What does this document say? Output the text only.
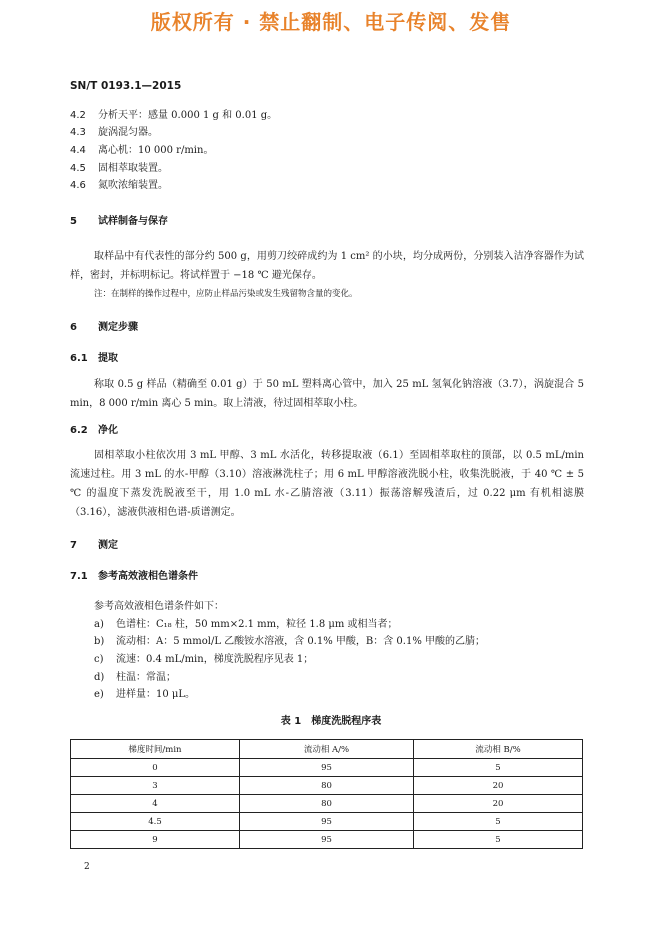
版权所有 · 禁止翻制、电子传阅、发售
SN/T 0193.1—2015
4.2 分析天平：感量 0.000 1 g 和 0.01 g。
4.3 旋涡混匀器。
4.4 离心机：10 000 r/min。
4.5 固相萃取装置。
4.6 氮吹浓缩装置。
5 试样制备与保存
取样品中有代表性的部分约 500 g，用剪刀绞碎成约为 1 cm² 的小块，均分成两份，分别装入洁净容器作为试样，密封，并标明标记。将试样置于 −18 ℃ 避光保存。
注：在制样的操作过程中，应防止样品污染或发生残留物含量的变化。
6 测定步骤
6.1 提取
称取 0.5 g 样品（精确至 0.01 g）于 50 mL 塑料离心管中，加入 25 mL 氢氧化钠溶液（3.7），涡旋混合 5 min，8 000 r/min 离心 5 min。取上清液，待过固相萃取小柱。
6.2 净化
固相萃取小柱依次用 3 mL 甲醇、3 mL 水活化，转移提取液（6.1）至固相萃取柱的顶部，以 0.5 mL/min 流速过柱。用 3 mL 的水-甲醇（3.10）溶液淋洗柱子；用 6 mL 甲醇溶液洗脱小柱，收集洗脱液，于 40 ℃ ± 5 ℃ 的温度下蒸发洗脱液至干，用 1.0 mL 水-乙腈溶液（3.11）振荡溶解残渣后，过 0.22 μm 有机相滤膜（3.16），滤液供液相色谱-质谱测定。
7 测定
7.1 参考高效液相色谱条件
参考高效液相色谱条件如下：
a) 色谱柱：C₁₈ 柱，50 mm×2.1 mm，粒径 1.8 μm 或相当者；
b) 流动相：A：5 mmol/L 乙酸铵水溶液，含 0.1% 甲酸，B：含 0.1% 甲酸的乙腈；
c) 流速：0.4 mL/min，梯度洗脱程序见表 1；
d) 柱温：常温；
e) 进样量：10 μL。
表 1　梯度洗脱程序表
梯度时间/min	流动相 A/%	流动相 B/%
0	95	5
3	80	20
4	80	20
4.5	95	5
9	95	5
2
